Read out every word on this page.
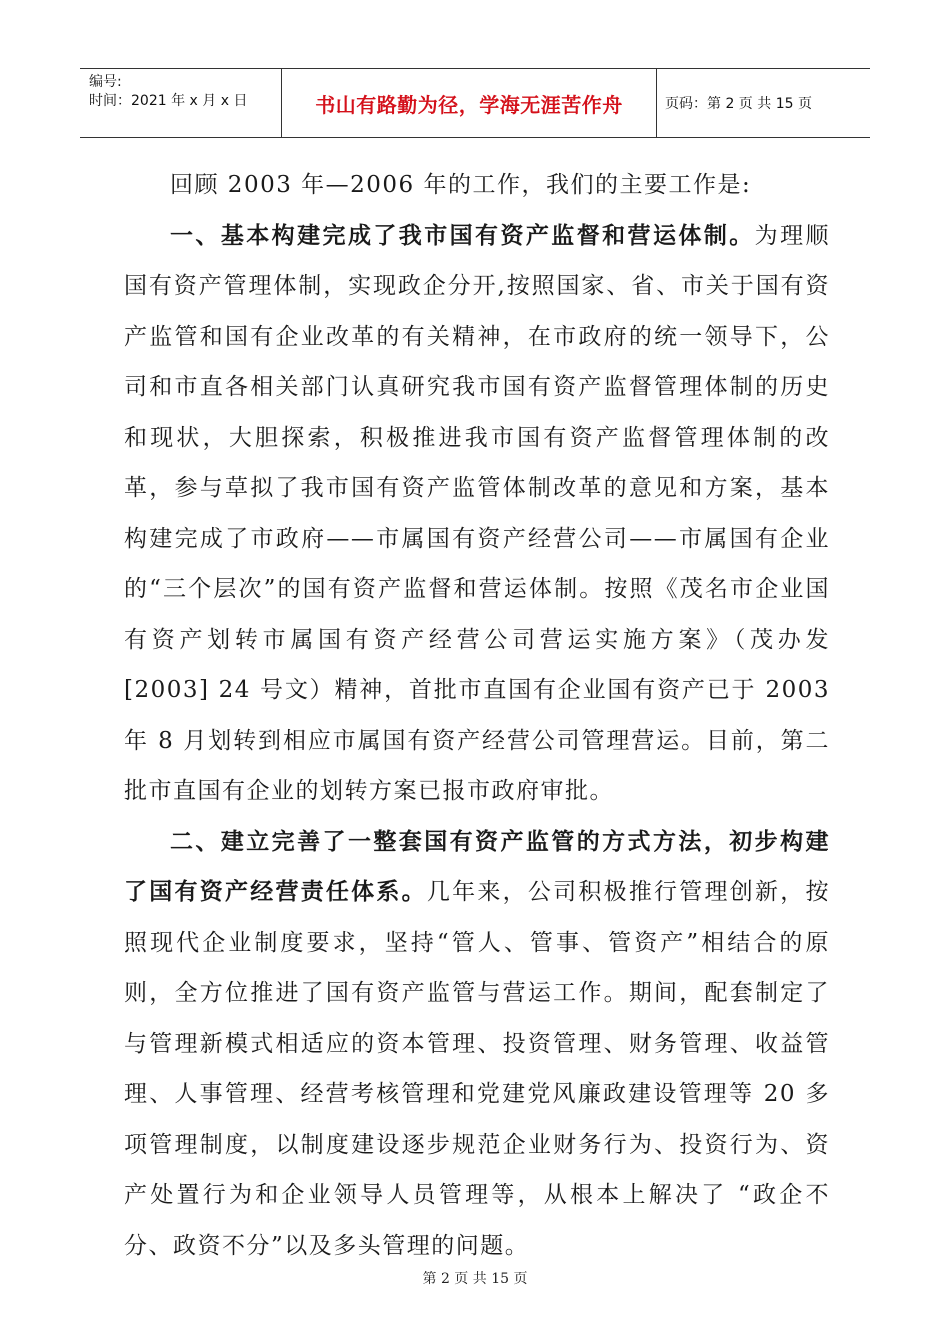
编号:
时间：2021 年 x 月 x 日	书山有路勤为径，学海无涯苦作舟	页码：第 2 页 共 15 页

回顾 2003 年—2006 年的工作，我们的主要工作是:

一、基本构建完成了我市国有资产监督和营运体制。为理顺国有资产管理体制，实现政企分开,按照国家、省、市关于国有资产监管和国有企业改革的有关精神，在市政府的统一领导下，公司和市直各相关部门认真研究我市国有资产监督管理体制的历史和现状，大胆探索，积极推进我市国有资产监督管理体制的改革，参与草拟了我市国有资产监管体制改革的意见和方案，基本构建完成了市政府——市属国有资产经营公司——市属国有企业的“三个层次”的国有资产监督和营运体制。按照《茂名市企业国有资产划转市属国有资产经营公司营运实施方案》（茂办发 [2003] 24 号文）精神，首批市直国有企业国有资产已于 2003 年 8 月划转到相应市属国有资产经营公司管理营运。目前，第二批市直国有企业的划转方案已报市政府审批。

二、建立完善了一整套国有资产监管的方式方法，初步构建了国有资产经营责任体系。几年来，公司积极推行管理创新，按照现代企业制度要求，坚持“管人、管事、管资产”相结合的原则，全方位推进了国有资产监管与营运工作。期间，配套制定了与管理新模式相适应的资本管理、投资管理、财务管理、收益管理、人事管理、经营考核管理和党建党风廉政建设管理等 20 多项管理制度，以制度建设逐步规范企业财务行为、投资行为、资产处置行为和企业领导人员管理等，从根本上解决了 “政企不分、政资不分”以及多头管理的问题。

第 2 页 共 15 页
